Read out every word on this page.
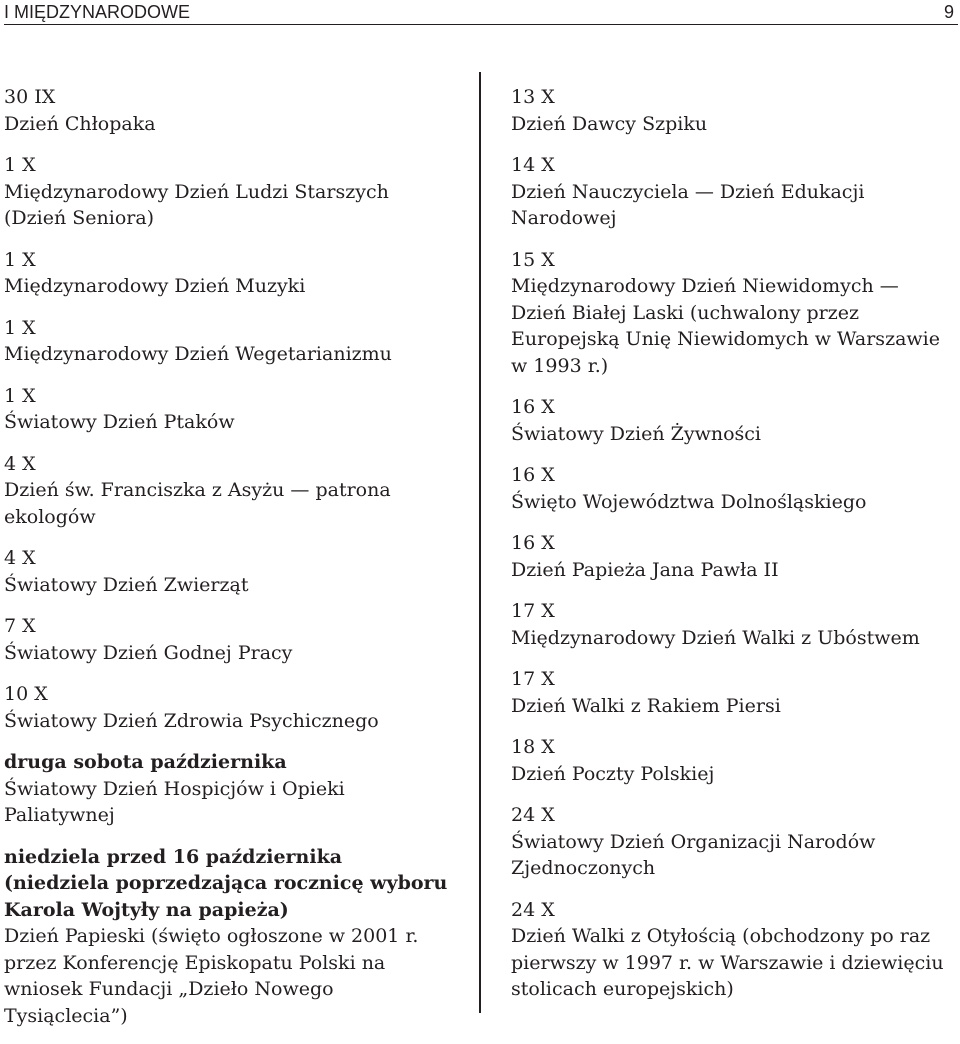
I MIĘDZYNARODOWE	9
30 IX
Dzień Chłopaka
1 X
Międzynarodowy Dzień Ludzi Starszych (Dzień Seniora)
1 X
Międzynarodowy Dzień Muzyki
1 X
Międzynarodowy Dzień Wegetarianizmu
1 X
Światowy Dzień Ptaków
4 X
Dzień św. Franciszka z Asyżu — patrona ekologów
4 X
Światowy Dzień Zwierząt
7 X
Światowy Dzień Godnej Pracy
10 X
Światowy Dzień Zdrowia Psychicznego
druga sobota października
Światowy Dzień Hospicjów i Opieki Paliatywnej
niedziela przed 16 października (niedziela poprzedzająca rocznicę wyboru Karola Wojtyły na papieża)
Dzień Papieski (święto ogłoszone w 2001 r. przez Konferencję Episkopatu Polski na wniosek Fundacji „Dzieło Nowego Tysiąclecia”)
13 X
Dzień Dawcy Szpiku
14 X
Dzień Nauczyciela — Dzień Edukacji Narodowej
15 X
Międzynarodowy Dzień Niewidomych — Dzień Białej Laski (uchwalony przez Europejską Unię Niewidomych w Warszawie w 1993 r.)
16 X
Światowy Dzień Żywności
16 X
Święto Województwa Dolnośląskiego
16 X
Dzień Papieża Jana Pawła II
17 X
Międzynarodowy Dzień Walki z Ubóstwem
17 X
Dzień Walki z Rakiem Piersi
18 X
Dzień Poczty Polskiej
24 X
Światowy Dzień Organizacji Narodów Zjednoczonych
24 X
Dzień Walki z Otyłością (obchodzony po raz pierwszy w 1997 r. w Warszawie i dziewięciu stolicach europejskich)
